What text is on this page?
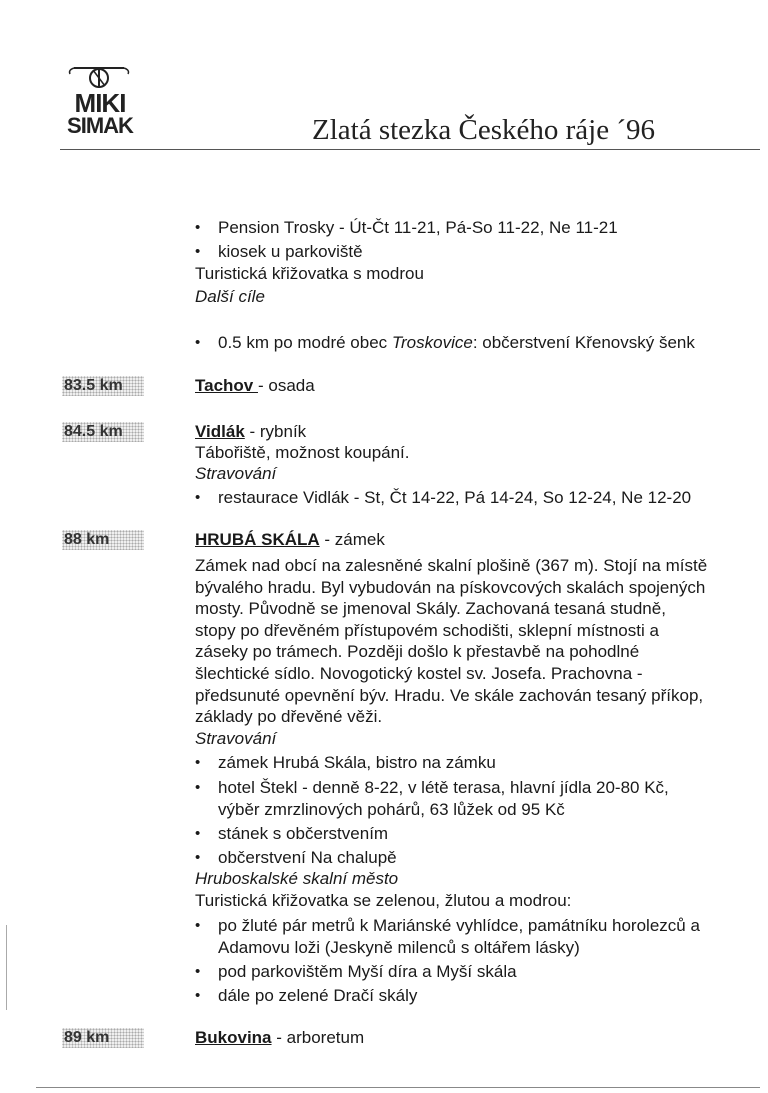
MIKI
SIMAK	Zlatá stezka Českého ráje ´96
• Pension Trosky - Út-Čt 11-21, Pá-So 11-22, Ne 11-21
• kiosek u parkoviště
Turistická křižovatka s modrou
Další cíle
• 0.5 km po modré obec Troskovice: občerstvení Křenovský šenk
83.5 km	Tachov - osada
84.5 km	Vidlák - rybník
Tábořiště, možnost koupání.
Stravování
• restaurace Vidlák - St, Čt 14-22, Pá 14-24, So 12-24, Ne 12-20
88 km	HRUBÁ SKÁLA - zámek
Zámek nad obcí na zalesněné skalní plošině (367 m). Stojí na místě
bývalého hradu. Byl vybudován na pískovcových skalách spojených
mosty. Původně se jmenoval Skály. Zachovaná tesaná studně,
stopy po dřevěném přístupovém schodišti, sklepní místnosti a
záseky po trámech. Později došlo k přestavbě na pohodlné
šlechtické sídlo. Novogotický kostel sv. Josefa. Prachovna -
předsunuté opevnění býv. Hradu. Ve skále zachován tesaný příkop,
základy po dřevěné věži.
Stravování
• zámek Hrubá Skála, bistro na zámku
• hotel Štekl - denně 8-22, v létě terasa, hlavní jídla 20-80 Kč,
výběr zmrzlinových pohárů, 63 lůžek od 95 Kč
• stánek s občerstvením
• občerstvení Na chalupě
Hruboskalské skalní město
Turistická křižovatka se zelenou, žlutou a modrou:
• po žluté pár metrů k Mariánské vyhlídce, památníku horolezců a
Adamovu loži (Jeskyně milenců s oltářem lásky)
• pod parkovištěm Myší díra a Myší skála
• dále po zelené Dračí skály
89 km	Bukovina - arboretum
